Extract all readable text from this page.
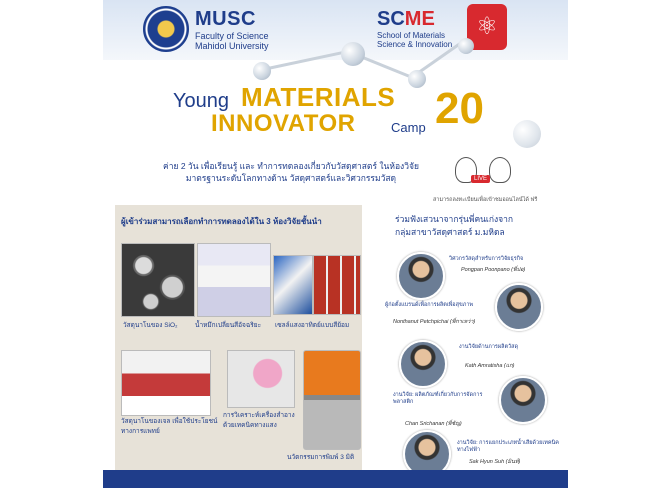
MUSC
Faculty of Science
Mahidol University
SCME
School of Materials
Science & Innovation
⚛
Young MATERIALS
INNOVATOR	Camp 20
ค่าย 2 วัน เพื่อเรียนรู้ และ ทำการทดลองเกี่ยวกับวัสดุศาสตร์ ในห้องวิจัย
มาตรฐานระดับโลกทางด้าน วัสดุศาสตร์และวิศวกรรมวัสดุ	LIVE
สามารถลงทะเบียนเพื่อเข้าชมออนไลน์ได้ ฟรี
ผู้เข้าร่วมสามารถเลือกทำการทดลองได้ใน 3 ห้องวิจัยชั้นนำ
วัสดุนาโนของ SiO₂	น้ำหมึกเปลี่ยนสีอัจฉริยะ เซลล์แสงอาทิตย์แบบสีย้อม
วัสดุนาโนของเจล เพื่อใช้ประโยชน์ทางการแพทย์
การวิเคราะห์เครื่องสำอางด้วยเทคนิคทางแสง
นวัตกรรมการพิมพ์ 3 มิติ
ร่วมฟังเสวนาจากรุ่นพี่คนเก่งจาก
กลุ่มสาขาวัสดุศาสตร์ ม.มหิดล
วิศวกรวัสดุสำหรับการวิจัยธุรกิจ
Pongpan Poonpano (พี่ปอ)
ผู้ก่อตั้งแบรนด์เพื่อการผลิตเพื่อสุขภาพ
Nonthanut Petchpichai (พี่กาเหว่า)
งานวิจัยด้านการผลิตวัสดุ
Kath Amratisha (แก)
งานวิจัย: ผลิตภัณฑ์เกี่ยวกับการจัดการพลาสติก
Chan Srichanan (พี่ชัญ)
งานวิจัย: การแยกประเภทน้ำเสียด้วยเทคนิคทางไฟฟ้า
Sak Hyun Suh (มินท์)
